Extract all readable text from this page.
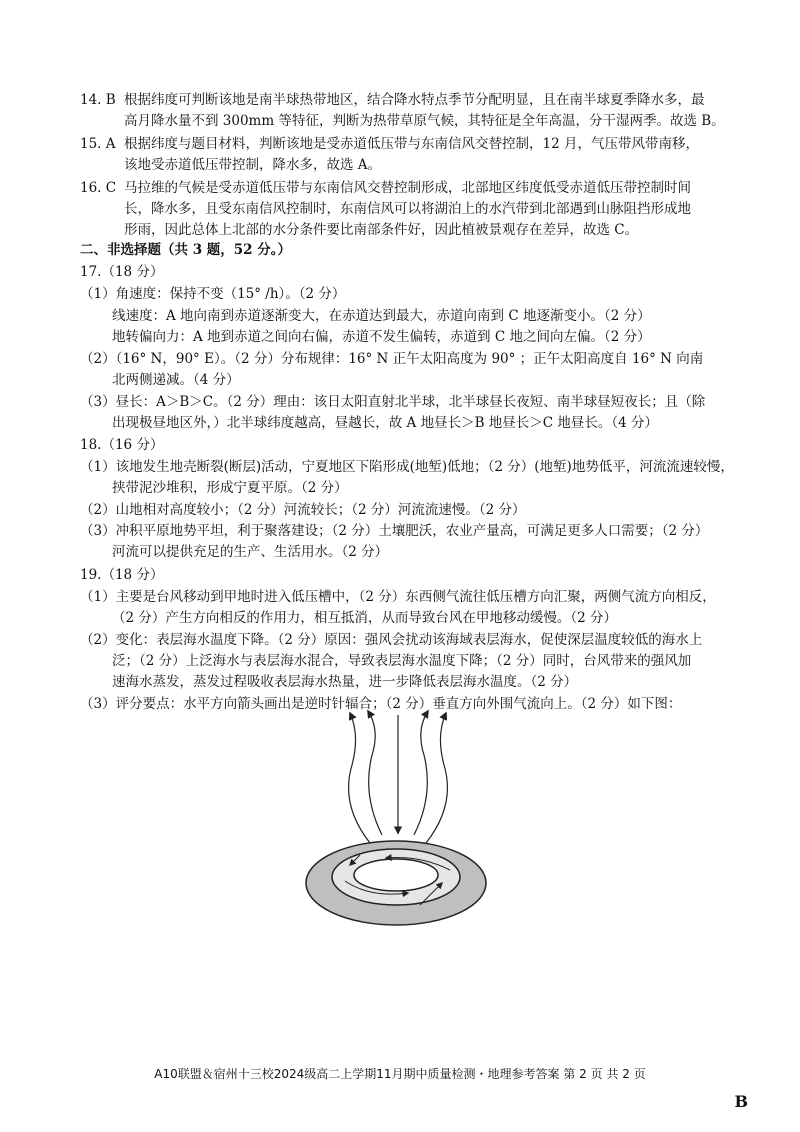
14. B 根据纬度可判断该地是南半球热带地区，结合降水特点季节分配明显，且在南半球夏季降水多，最
高月降水量不到 300mm 等特征，判断为热带草原气候，其特征是全年高温，分干湿两季。故选 B。
15. A 根据纬度与题目材料，判断该地是受赤道低压带与东南信风交替控制，12 月，气压带风带南移，
该地受赤道低压带控制，降水多，故选 A。
16. C 马拉维的气候是受赤道低压带与东南信风交替控制形成，北部地区纬度低受赤道低压带控制时间
长，降水多，且受东南信风控制时，东南信风可以将湖泊上的水汽带到北部遇到山脉阻挡形成地
形雨，因此总体上北部的水分条件要比南部条件好，因此植被景观存在差异，故选 C。
二、非选择题（共 3 题，52 分。）
17.（18 分）
（1）角速度：保持不变（15° /h）。（2 分）
线速度：A 地向南到赤道逐渐变大，在赤道达到最大，赤道向南到 C 地逐渐变小。（2 分）
地转偏向力：A 地到赤道之间向右偏，赤道不发生偏转，赤道到 C 地之间向左偏。（2 分）
（2）（16° N，90° E）。（2 分）分布规律：16° N 正午太阳高度为 90° ；正午太阳高度自 16° N 向南
北两侧递减。（4 分）
（3）昼长：A＞B＞C。（2 分）理由：该日太阳直射北半球，北半球昼长夜短、南半球昼短夜长；且（除
出现极昼地区外，）北半球纬度越高，昼越长，故 A 地昼长＞B 地昼长＞C 地昼长。（4 分）
18.（16 分）
（1）该地发生地壳断裂(断层)活动，宁夏地区下陷形成(地堑)低地；（2 分）(地堑)地势低平，河流流速较慢，
挟带泥沙堆积，形成宁夏平原。（2 分）
（2）山地相对高度较小；（2 分）河流较长；（2 分）河流流速慢。（2 分）
（3）冲积平原地势平坦，利于聚落建设；（2 分）土壤肥沃，农业产量高，可满足更多人口需要；（2 分）
河流可以提供充足的生产、生活用水。（2 分）
19.（18 分）
（1）主要是台风移动到甲地时进入低压槽中，（2 分）东西侧气流往低压槽方向汇聚，两侧气流方向相反，
（2 分）产生方向相反的作用力，相互抵消，从而导致台风在甲地移动缓慢。（2 分）
（2）变化：表层海水温度下降。（2 分）原因：强风会扰动该海域表层海水，促使深层温度较低的海水上
泛；（2 分）上泛海水与表层海水混合，导致表层海水温度下降；（2 分）同时，台风带来的强风加
速海水蒸发，蒸发过程吸收表层海水热量，进一步降低表层海水温度。（2 分）
（3）评分要点：水平方向箭头画出是逆时针辐合；（2 分）垂直方向外围气流向上。（2 分）如下图：
A10联盟＆宿州十三校2024级高二上学期11月期中质量检测・地理参考答案 第 2 页 共 2 页
B
